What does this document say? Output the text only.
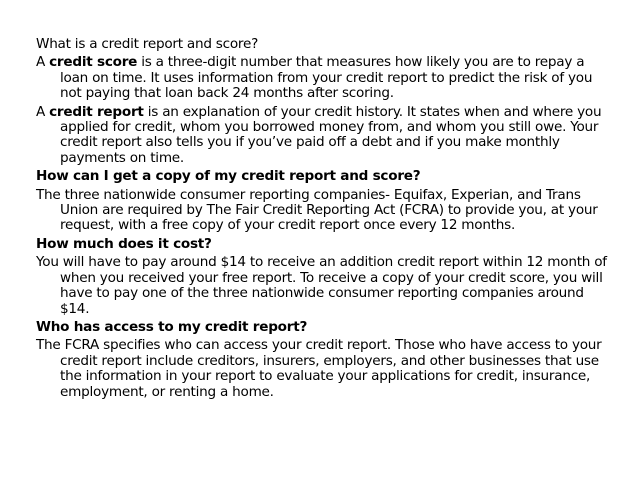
What is a credit report and score?
A credit score is a three-digit number that measures how likely you are to repay a loan on time. It uses information from your credit report to predict the risk of you not paying that loan back 24 months after scoring.
A credit report is an explanation of your credit history. It states when and where you applied for credit, whom you borrowed money from, and whom you still owe. Your credit report also tells you if you’ve paid off a debt and if you make monthly payments on time.
How can I get a copy of my credit report and score?
The three nationwide consumer reporting companies- Equifax, Experian, and Trans Union are required by The Fair Credit Reporting Act (FCRA) to provide you, at your request, with a free copy of your credit report once every 12 months.
How much does it cost?
You will have to pay around $14 to receive an addition credit report within 12 month of when you received your free report. To receive a copy of your credit score, you will have to pay one of the three nationwide consumer reporting companies around $14.
Who has access to my credit report?
The FCRA specifies who can access your credit report. Those who have access to your credit report include creditors, insurers, employers, and other businesses that use the information in your report to evaluate your applications for credit, insurance, employment, or renting a home.
